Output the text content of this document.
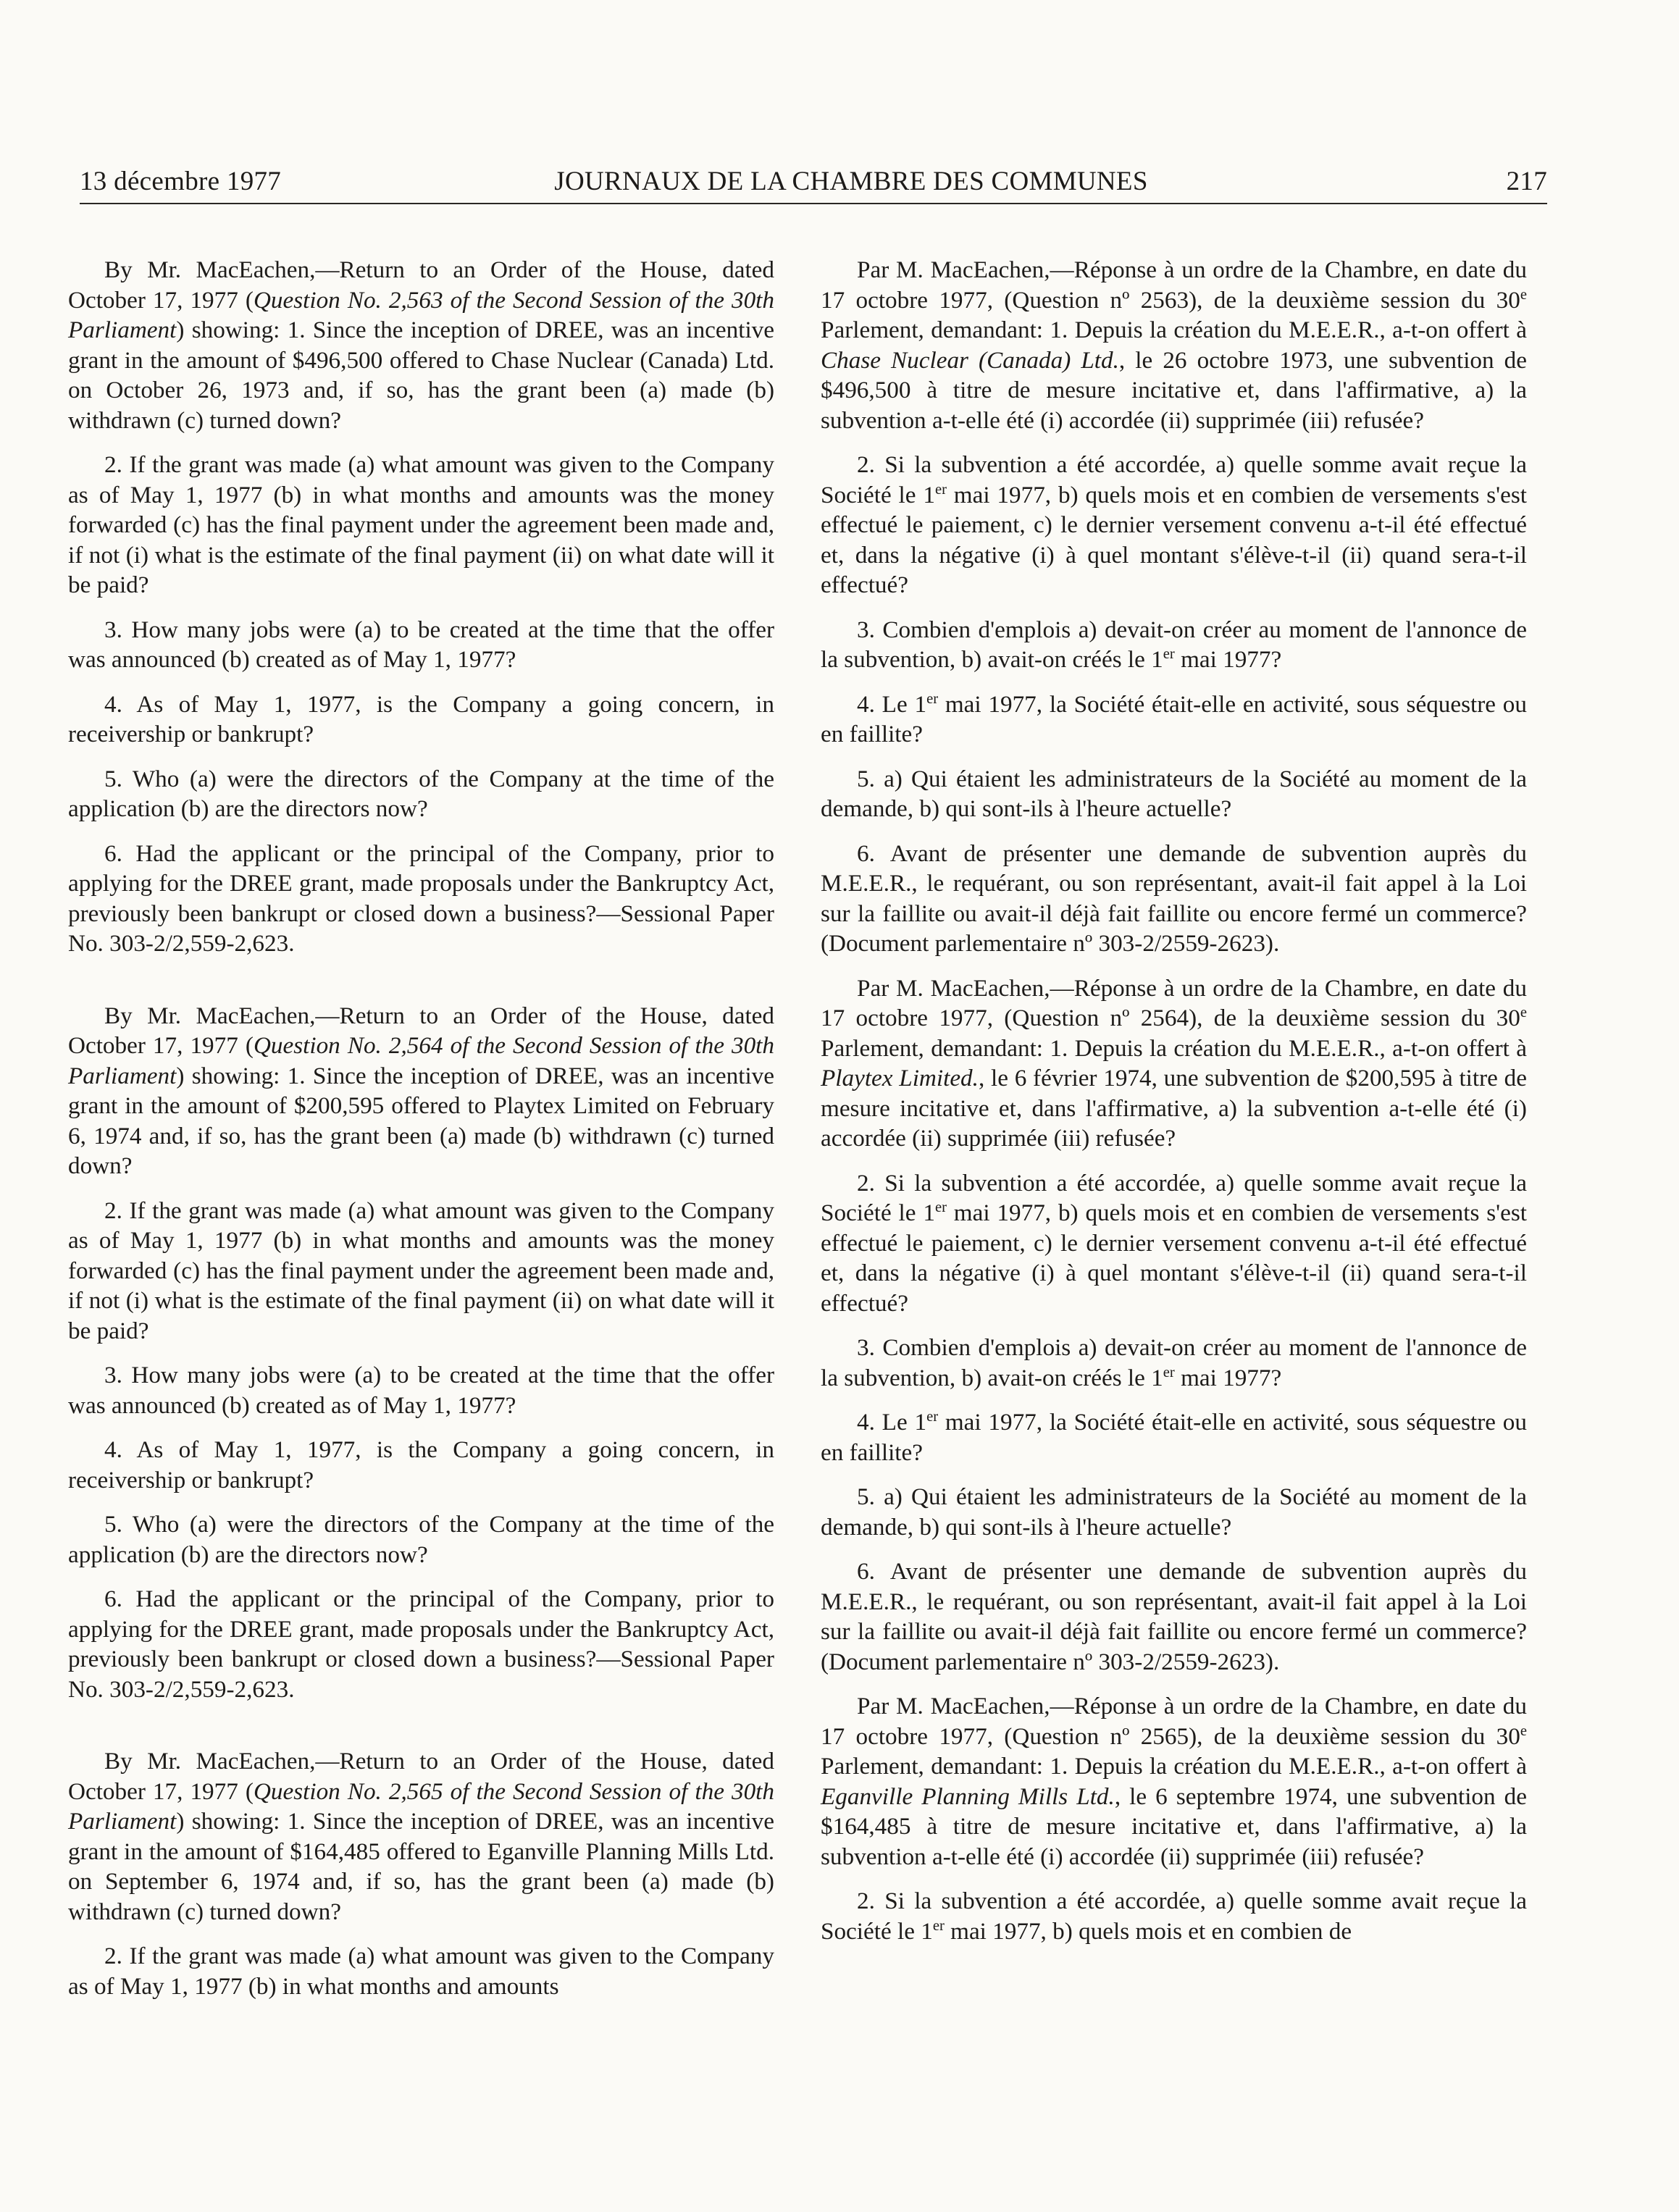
13 décembre 1977	JOURNAUX DE LA CHAMBRE DES COMMUNES	217

By Mr. MacEachen,—Return to an Order of the House, dated October 17, 1977 (Question No. 2,563 of the Second Session of the 30th Parliament) showing: 1. Since the inception of DREE, was an incentive grant in the amount of $496,500 offered to Chase Nuclear (Canada) Ltd. on October 26, 1973 and, if so, has the grant been (a) made (b) withdrawn (c) turned down?

2. If the grant was made (a) what amount was given to the Company as of May 1, 1977 (b) in what months and amounts was the money forwarded (c) has the final payment under the agreement been made and, if not (i) what is the estimate of the final payment (ii) on what date will it be paid?

3. How many jobs were (a) to be created at the time that the offer was announced (b) created as of May 1, 1977?

4. As of May 1, 1977, is the Company a going concern, in receivership or bankrupt?

5. Who (a) were the directors of the Company at the time of the application (b) are the directors now?

6. Had the applicant or the principal of the Company, prior to applying for the DREE grant, made proposals under the Bankruptcy Act, previously been bankrupt or closed down a business?—Sessional Paper No. 303-2/2,559-2,623.

By Mr. MacEachen,—Return to an Order of the House, dated October 17, 1977 (Question No. 2,564 of the Second Session of the 30th Parliament) showing: 1. Since the inception of DREE, was an incentive grant in the amount of $200,595 offered to Playtex Limited on February 6, 1974 and, if so, has the grant been (a) made (b) withdrawn (c) turned down?

2. If the grant was made (a) what amount was given to the Company as of May 1, 1977 (b) in what months and amounts was the money forwarded (c) has the final payment under the agreement been made and, if not (i) what is the estimate of the final payment (ii) on what date will it be paid?

3. How many jobs were (a) to be created at the time that the offer was announced (b) created as of May 1, 1977?

4. As of May 1, 1977, is the Company a going concern, in receivership or bankrupt?

5. Who (a) were the directors of the Company at the time of the application (b) are the directors now?

6. Had the applicant or the principal of the Company, prior to applying for the DREE grant, made proposals under the Bankruptcy Act, previously been bankrupt or closed down a business?—Sessional Paper No. 303-2/2,559-2,623.

By Mr. MacEachen,—Return to an Order of the House, dated October 17, 1977 (Question No. 2,565 of the Second Session of the 30th Parliament) showing: 1. Since the inception of DREE, was an incentive grant in the amount of $164,485 offered to Eganville Planning Mills Ltd. on September 6, 1974 and, if so, has the grant been (a) made (b) withdrawn (c) turned down?

2. If the grant was made (a) what amount was given to the Company as of May 1, 1977 (b) in what months and amounts

Par M. MacEachen,—Réponse à un ordre de la Chambre, en date du 17 octobre 1977, (Question nº 2563), de la deuxième session du 30e Parlement, demandant: 1. Depuis la création du M.E.E.R., a-t-on offert à Chase Nuclear (Canada) Ltd., le 26 octobre 1973, une subvention de $496,500 à titre de mesure incitative et, dans l'affirmative, a) la subvention a-t-elle été (i) accordée (ii) supprimée (iii) refusée?

2. Si la subvention a été accordée, a) quelle somme avait reçue la Société le 1er mai 1977, b) quels mois et en combien de versements s'est effectué le paiement, c) le dernier versement convenu a-t-il été effectué et, dans la négative (i) à quel montant s'élève-t-il (ii) quand sera-t-il effectué?

3. Combien d'emplois a) devait-on créer au moment de l'annonce de la subvention, b) avait-on créés le 1er mai 1977?

4. Le 1er mai 1977, la Société était-elle en activité, sous séquestre ou en faillite?

5. a) Qui étaient les administrateurs de la Société au moment de la demande, b) qui sont-ils à l'heure actuelle?

6. Avant de présenter une demande de subvention auprès du M.E.E.R., le requérant, ou son représentant, avait-il fait appel à la Loi sur la faillite ou avait-il déjà fait faillite ou encore fermé un commerce? (Document parlementaire nº 303-2/2559-2623).

Par M. MacEachen,—Réponse à un ordre de la Chambre, en date du 17 octobre 1977, (Question nº 2564), de la deuxième session du 30e Parlement, demandant: 1. Depuis la création du M.E.E.R., a-t-on offert à Playtex Limited., le 6 février 1974, une subvention de $200,595 à titre de mesure incitative et, dans l'affirmative, a) la subvention a-t-elle été (i) accordée (ii) supprimée (iii) refusée?

2. Si la subvention a été accordée, a) quelle somme avait reçue la Société le 1er mai 1977, b) quels mois et en combien de versements s'est effectué le paiement, c) le dernier versement convenu a-t-il été effectué et, dans la négative (i) à quel montant s'élève-t-il (ii) quand sera-t-il effectué?

3. Combien d'emplois a) devait-on créer au moment de l'annonce de la subvention, b) avait-on créés le 1er mai 1977?

4. Le 1er mai 1977, la Société était-elle en activité, sous séquestre ou en faillite?

5. a) Qui étaient les administrateurs de la Société au moment de la demande, b) qui sont-ils à l'heure actuelle?

6. Avant de présenter une demande de subvention auprès du M.E.E.R., le requérant, ou son représentant, avait-il fait appel à la Loi sur la faillite ou avait-il déjà fait faillite ou encore fermé un commerce? (Document parlementaire nº 303-2/2559-2623).

Par M. MacEachen,—Réponse à un ordre de la Chambre, en date du 17 octobre 1977, (Question nº 2565), de la deuxième session du 30e Parlement, demandant: 1. Depuis la création du M.E.E.R., a-t-on offert à Eganville Planning Mills Ltd., le 6 septembre 1974, une subvention de $164,485 à titre de mesure incitative et, dans l'affirmative, a) la subvention a-t-elle été (i) accordée (ii) supprimée (iii) refusée?

2. Si la subvention a été accordée, a) quelle somme avait reçue la Société le 1er mai 1977, b) quels mois et en combien de
